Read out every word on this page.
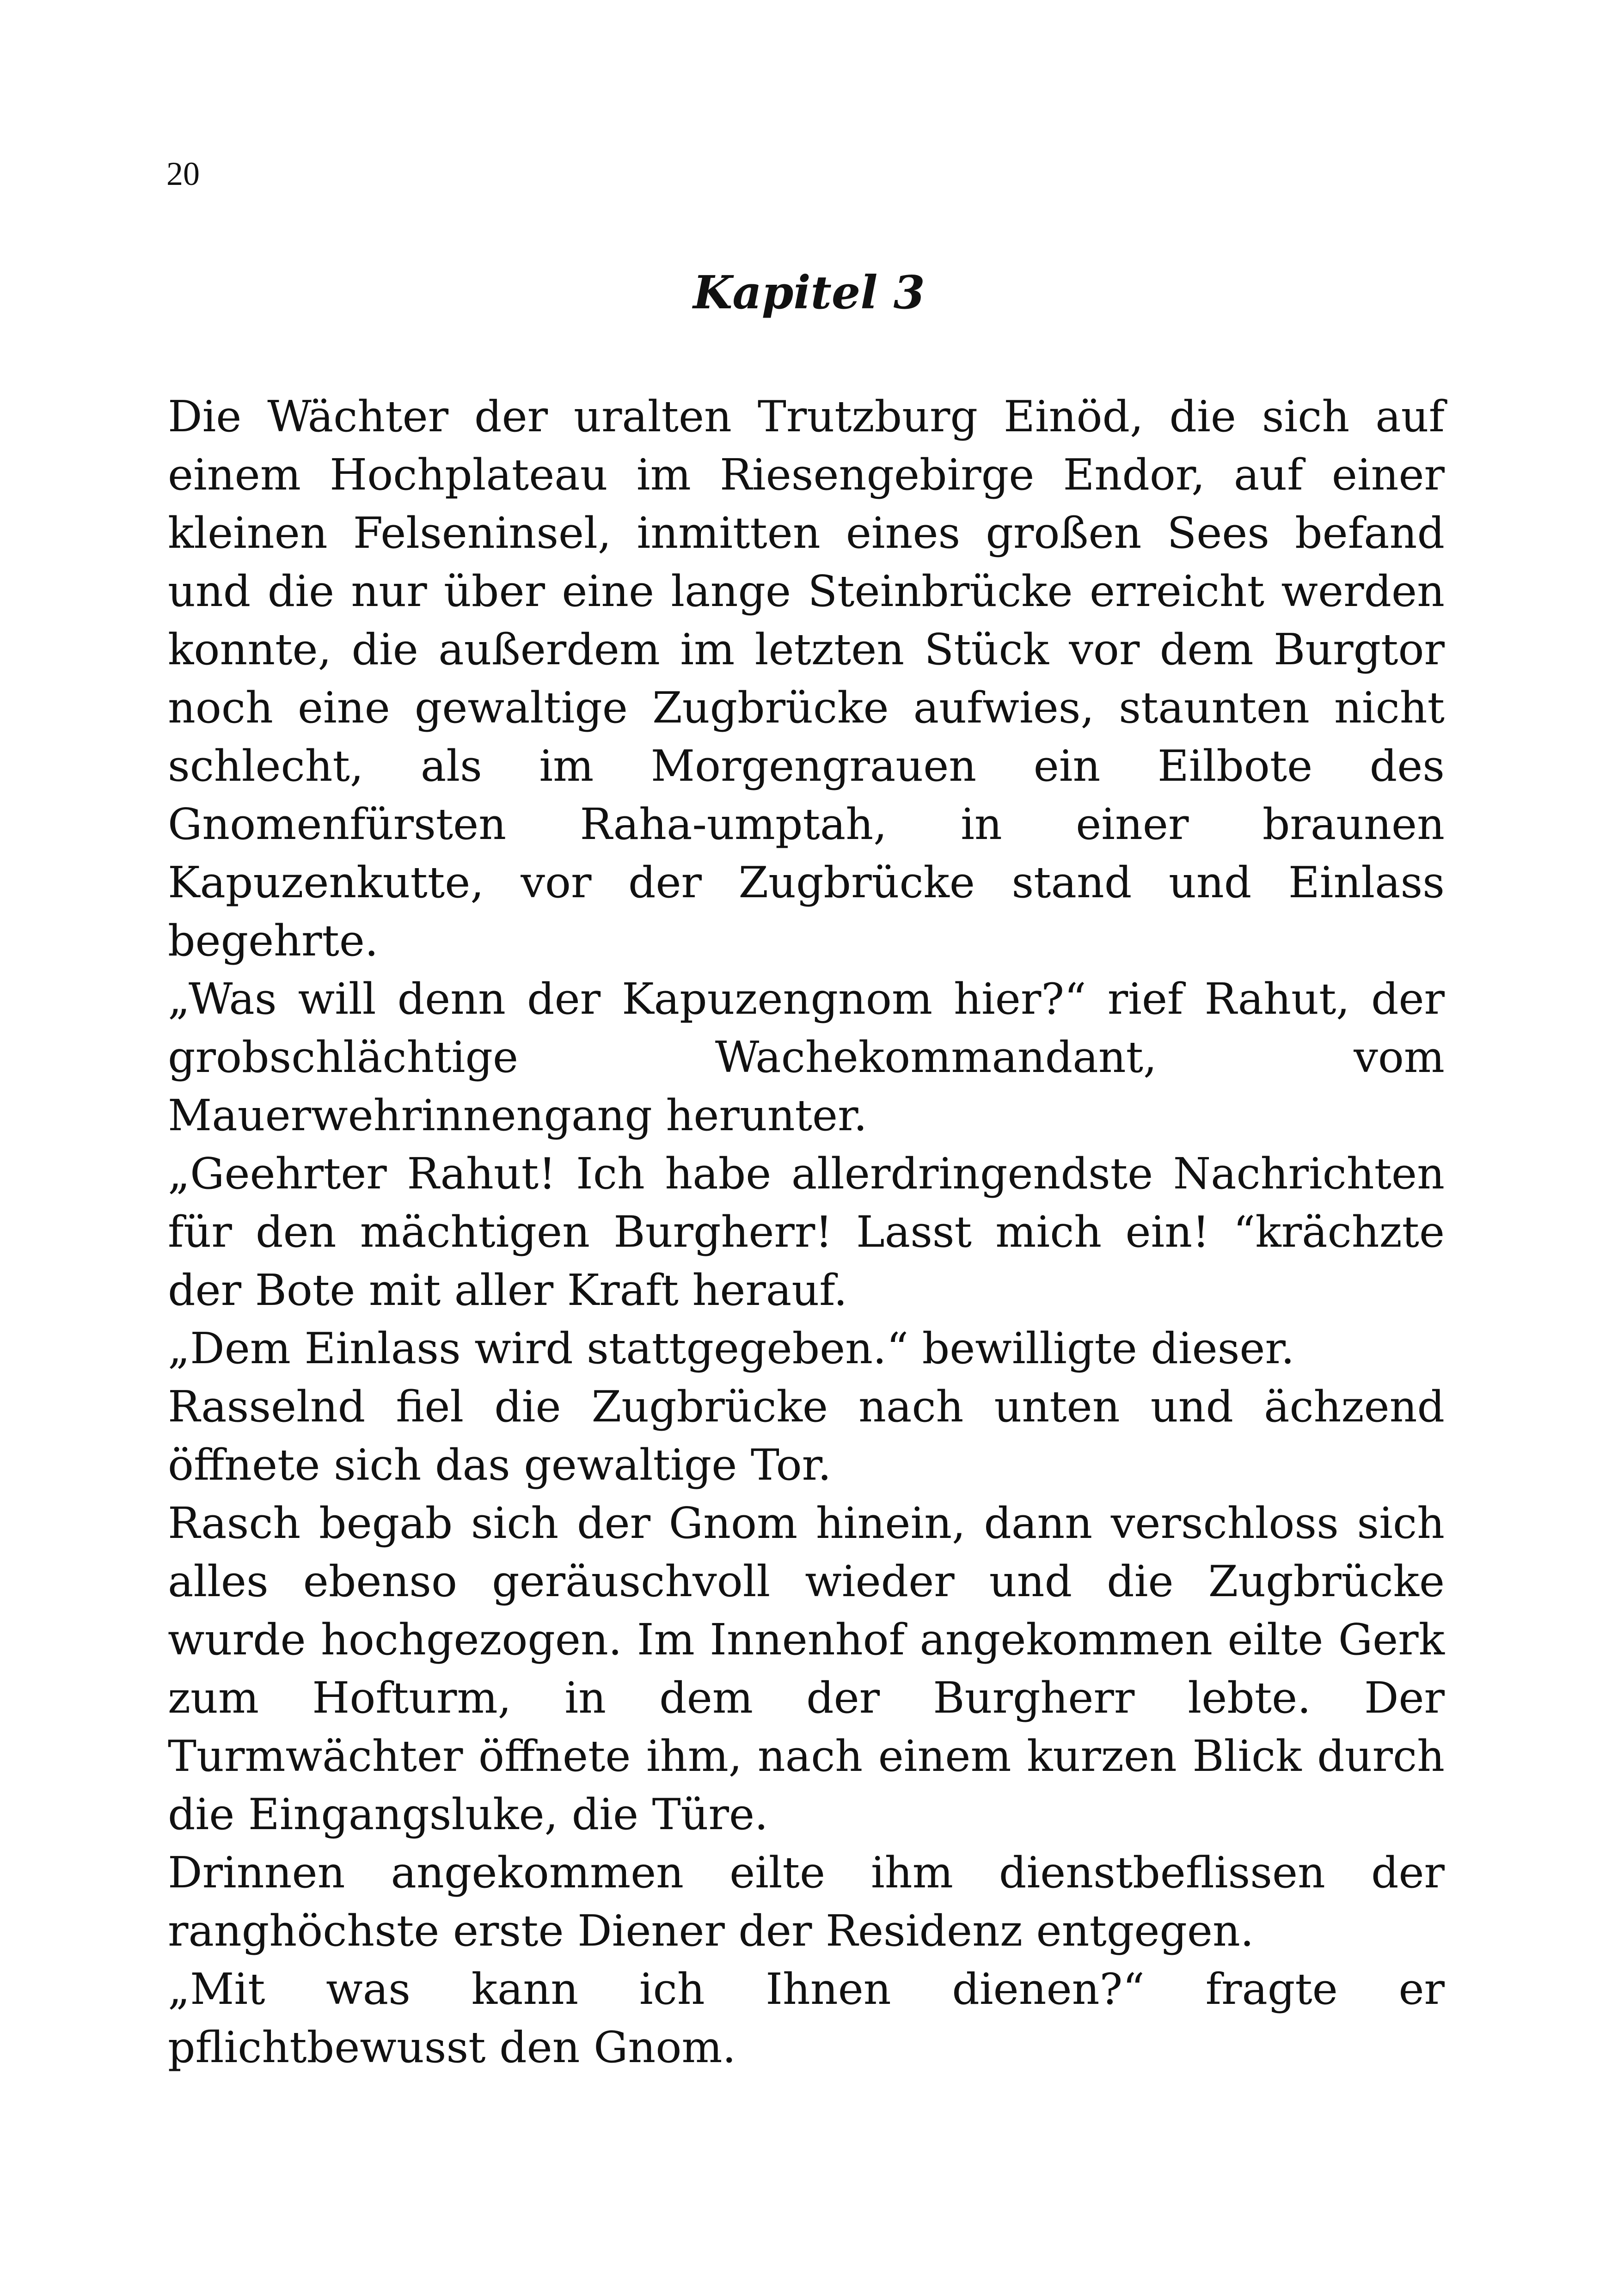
20
Kapitel 3

Die Wächter der uralten Trutzburg Einöd, die sich auf einem Hochplateau im Riesengebirge Endor, auf einer kleinen Felseninsel, inmitten eines großen Sees befand und die nur über eine lange Steinbrücke erreicht werden konnte, die außerdem im letzten Stück vor dem Burgtor noch eine gewaltige Zugbrücke aufwies, staunten nicht schlecht, als im Morgengrauen ein Eilbote des Gnomenfürsten Raha-umptah, in einer braunen Kapuzenkutte, vor der Zugbrücke stand und Einlass begehrte.

„Was will denn der Kapuzengnom hier?“ rief Rahut, der grobschlächtige Wachekommandant, vom Mauerwehrinnengang herunter.

„Geehrter Rahut! Ich habe allerdringendste Nachrichten für den mächtigen Burgherr! Lasst mich ein! “krächzte der Bote mit aller Kraft herauf.

„Dem Einlass wird stattgegeben.“ bewilligte dieser.

Rasselnd fiel die Zugbrücke nach unten und ächzend öffnete sich das gewaltige Tor.

Rasch begab sich der Gnom hinein, dann verschloss sich alles ebenso geräuschvoll wieder und die Zugbrücke wurde hochgezogen. Im Innenhof angekommen eilte Gerk zum Hofturm, in dem der Burgherr lebte. Der Turmwächter öffnete ihm, nach einem kurzen Blick durch die Eingangsluke, die Türe.

Drinnen angekommen eilte ihm dienstbeflissen der ranghöchste erste Diener der Residenz entgegen.

„Mit was kann ich Ihnen dienen?“ fragte er pflichtbewusst den Gnom.
